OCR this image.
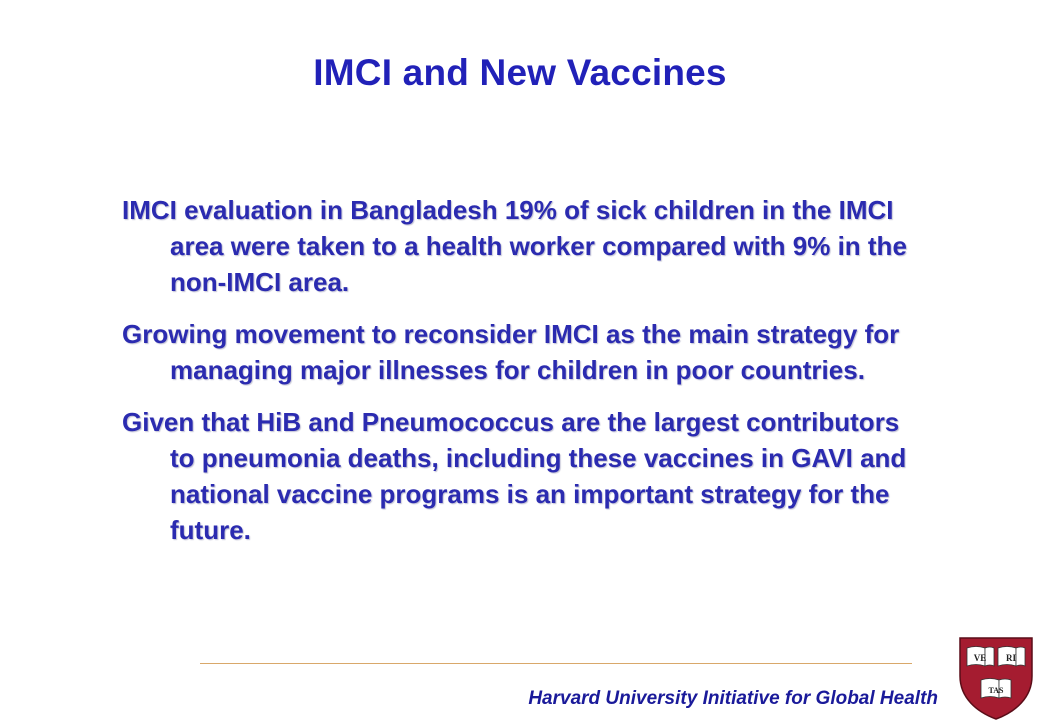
IMCI and New Vaccines

IMCI evaluation in Bangladesh 19% of sick children in the IMCI area were taken to a health worker compared with 9% in the non-IMCI area.

Growing movement to reconsider IMCI as the main strategy for managing major illnesses for children in poor countries.

Given that HiB and Pneumococcus are the largest contributors to pneumonia deaths, including these vaccines in GAVI and national vaccine programs is an important strategy for the future.

Harvard University Initiative for Global Health
VE RI
TAS
